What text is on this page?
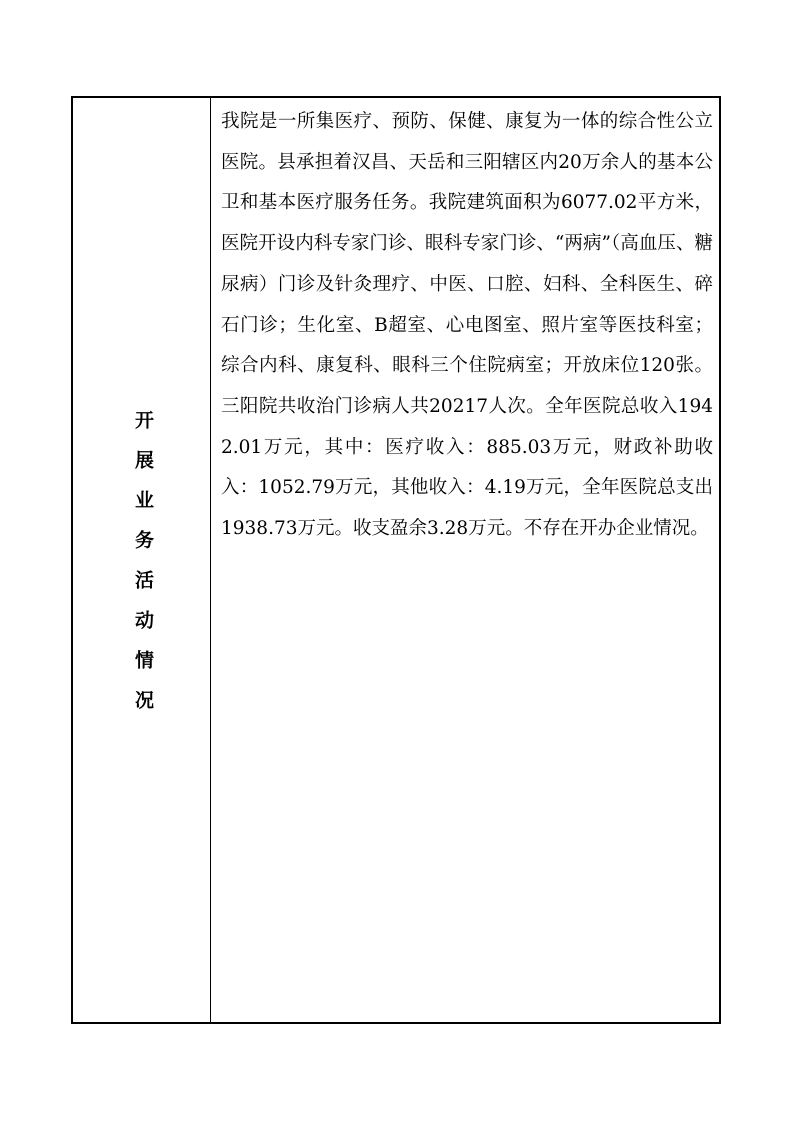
开展业务活动情况

我院是一所集医疗、预防、保健、康复为一体的综合性公立医院。县承担着汉昌、天岳和三阳辖区内20万余人的基本公卫和基本医疗服务任务。我院建筑面积为6077.02平方米，医院开设内科专家门诊、眼科专家门诊、“两病”（高血压、糖尿病）门诊及针灸理疗、中医、口腔、妇科、全科医生、碎石门诊；生化室、B超室、心电图室、照片室等医技科室；综合内科、康复科、眼科三个住院病室；开放床位120张。三阳院共收治门诊病人共20217人次。全年医院总收入1942.01万元，其中：医疗收入：885.03万元，财政补助收入：1052.79万元，其他收入：4.19万元，全年医院总支出1938.73万元。收支盈余3.28万元。不存在开办企业情况。
